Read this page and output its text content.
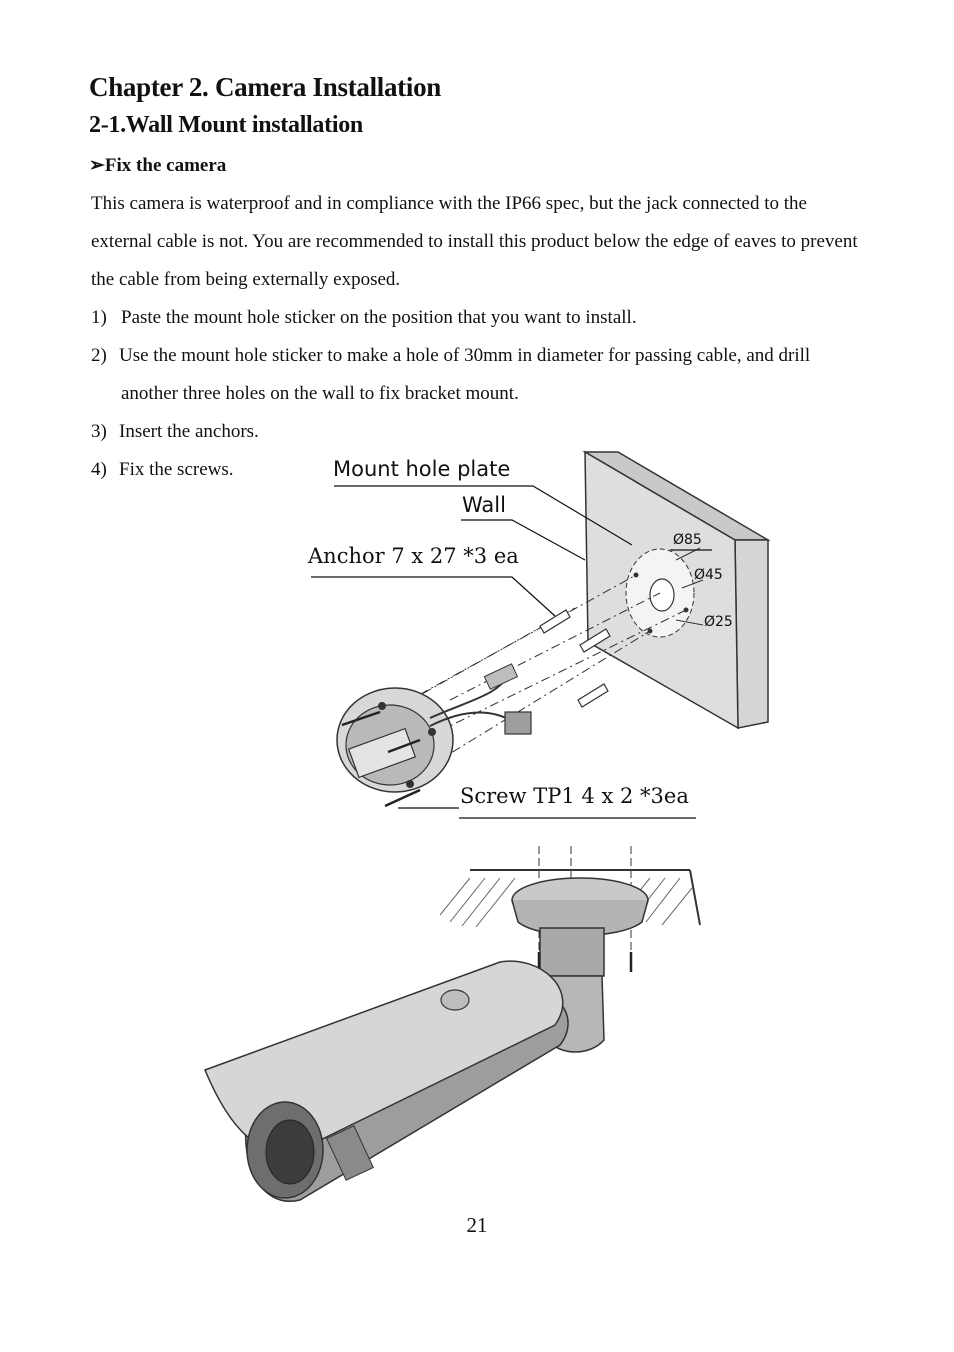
Chapter 2. Camera Installation
2-1.Wall Mount installation
➢Fix the camera
This camera is waterproof and in compliance with the IP66 spec, but the jack connected to the
external cable is not. You are recommended to install this product below the edge of eaves to prevent
the cable from being externally exposed.
1) Paste the mount hole sticker on the position that you want to install.
2) Use the mount hole sticker to make a hole of 30mm in diameter for passing cable, and drill
another three holes on the wall to fix bracket mount.
3) Insert the anchors.
4) Fix the screws.	Mount hole plate
Wall
Anchor 7 x 27 *3 ea
Screw TP1 4 x 2 *3ea
Ø85
Ø45
Ø25
21
